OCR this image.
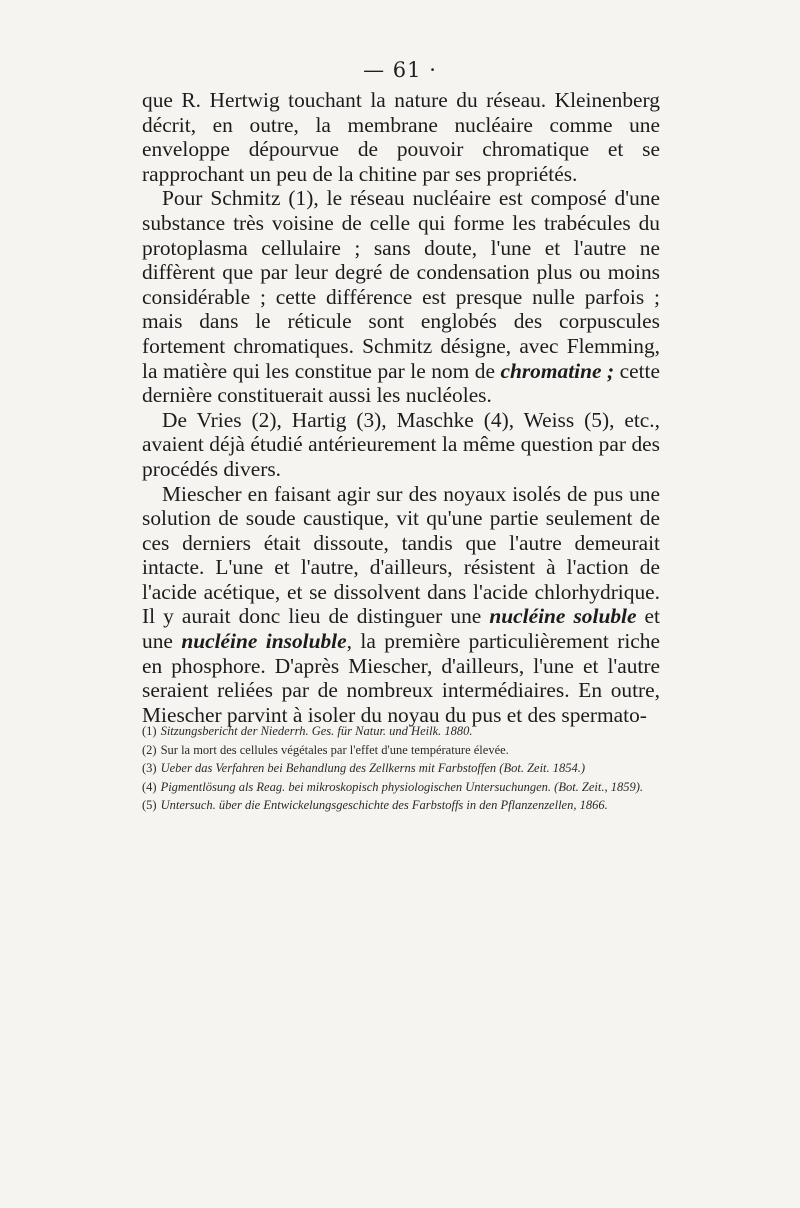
— 61 ·

que R. Hertwig touchant la nature du réseau. Kleinenberg décrit, en outre, la membrane nucléaire comme une enveloppe dépourvue de pouvoir chromatique et se rapprochant un peu de la chitine par ses propriétés.

Pour Schmitz (1), le réseau nucléaire est composé d'une substance très voisine de celle qui forme les trabécules du protoplasma cellulaire ; sans doute, l'une et l'autre ne diffèrent que par leur degré de condensation plus ou moins considérable ; cette différence est presque nulle parfois ; mais dans le réticule sont englobés des corpuscules fortement chromatiques. Schmitz désigne, avec Flemming, la matière qui les constitue par le nom de chromatine ; cette dernière constituerait aussi les nucléoles.

De Vries (2), Hartig (3), Maschke (4), Weiss (5), etc., avaient déjà étudié antérieurement la même question par des procédés divers.

Miescher en faisant agir sur des noyaux isolés de pus une solution de soude caustique, vit qu'une partie seulement de ces derniers était dissoute, tandis que l'autre demeurait intacte. L'une et l'autre, d'ailleurs, résistent à l'action de l'acide acétique, et se dissolvent dans l'acide chlorhydrique. Il y aurait donc lieu de distinguer une nucléine soluble et une nucléine insoluble, la première particulièrement riche en phosphore. D'après Miescher, d'ailleurs, l'une et l'autre seraient reliées par de nombreux intermédiaires. En outre, Miescher parvint à isoler du noyau du pus et des spermato-

(1) Sitzungsbericht der Niederrh. Ges. für Natur. und Heilk. 1880.
(2) Sur la mort des cellules végétales par l'effet d'une température élevée.
(3) Ueber das Verfahren bei Behandlung des Zellkerns mit Farbstoffen (Bot. Zeit. 1854.)
(4) Pigmentlösung als Reag. bei mikroskopisch physiologischen Untersuchungen. (Bot. Zeit., 1859).
(5) Untersuch. über die Entwickelungsgeschichte des Farbstoffs in den Pflanzenzellen, 1866.
